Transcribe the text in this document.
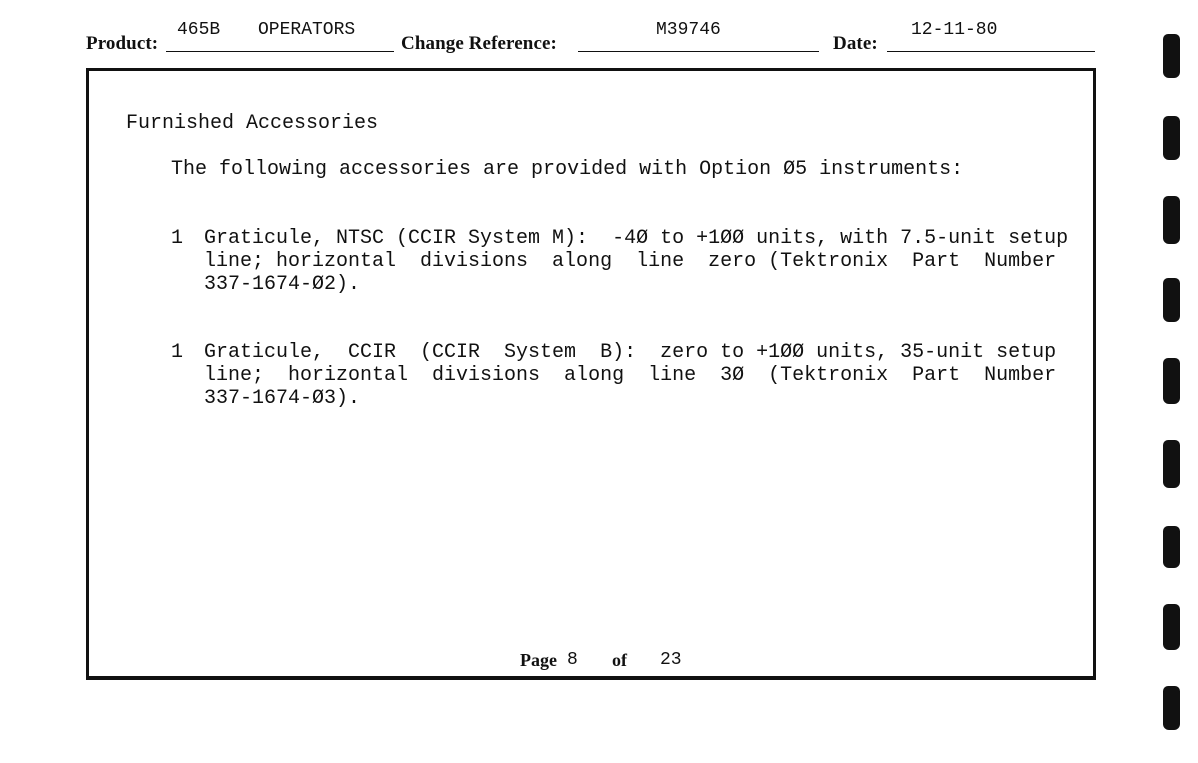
Product:
465B OPERATORS
Change Reference:
M39746
Date:
12-11-80
Furnished Accessories
The following accessories are provided with Option Ø5 instruments:
1 Graticule, NTSC (CCIR System M):  -4Ø to +1ØØ units, with 7.5-unit setup
line; horizontal  divisions  along  line  zero (Tektronix  Part  Number
337-1674-Ø2).
1 Graticule,  CCIR  (CCIR  System  B):  zero to +1ØØ units, 35-unit setup
line;  horizontal  divisions  along  line  3Ø  (Tektronix  Part  Number
337-1674-Ø3).
Page 8 of 23
